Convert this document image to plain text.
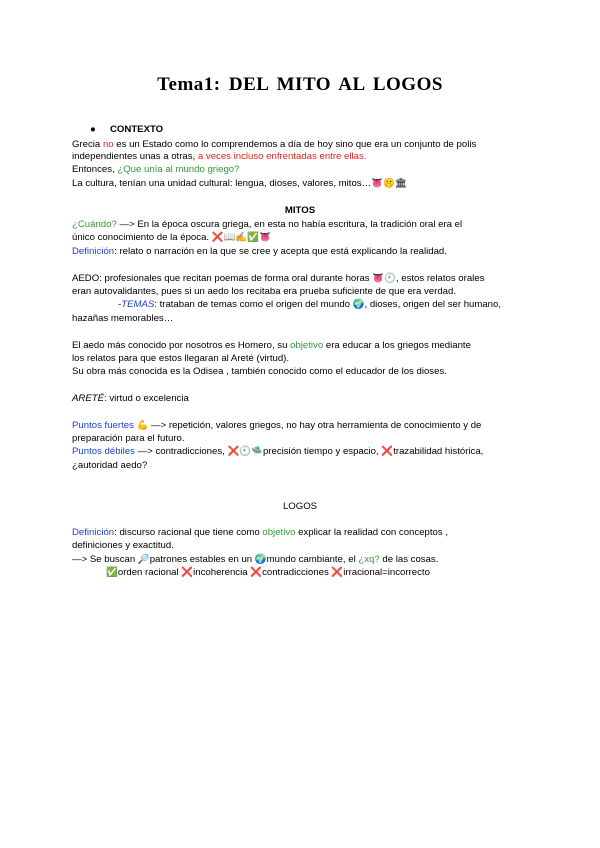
Tema1: DEL MITO AL LOGOS
● CONTEXTO
Grecia no es un Estado como lo comprendemos a día de hoy sino que era un conjunto de polis
independientes unas a otras, a veces incluso enfrentadas entre ellas.
Entonces, ¿Que unía al mundo griego?
La cultura, tenían una unidad cultural: lengua, dioses, valores, mitos…👅🤫🏛
MITOS
¿Cuándo? —> En la época oscura griega, en esta no había escritura, la tradición oral era el
único conocimiento de la época. ❌📖✍✅👅
Definición: relato o narración en la que se cree y acepta que está explicando la realidad.
AEDO: profesionales que recitan poemas de forma oral durante horas 👅🕙, estos relatos orales
eran autovalidantes, pues si un aedo los recitaba era prueba suficiente de que era verdad.
-TEMAS: trataban de temas como el origen del mundo 🌍, dioses, origen del ser humano,
hazañas memorables…
El aedo más conocido por nosotros es Homero, su objetivo era educar a los griegos mediante
los relatos para que estos llegaran al Areté (virtud).
Su obra más conocida es la Odisea , también conocido como el educador de los dioses.
ARETÉ: virtud o excelencia
Puntos fuertes 💪 —> repetición, valores griegos, no hay otra herramienta de conocimiento y de
preparación para el futuro.
Puntos débiles —> contradicciones, ❌🕙🛸precisión tiempo y espacio, ❌trazabilidad histórica,
¿autoridad aedo?
LOGOS
Definición: discurso racional que tiene como objetivo explicar la realidad con conceptos ,
definiciones y exactitud.
—> Se buscan 🔎patrones estables en un 🌍mundo cambiante, el ¿xq? de las cosas.
✅orden racional ❌incoherencia ❌contradicciones ❌irracional=incorrecto
